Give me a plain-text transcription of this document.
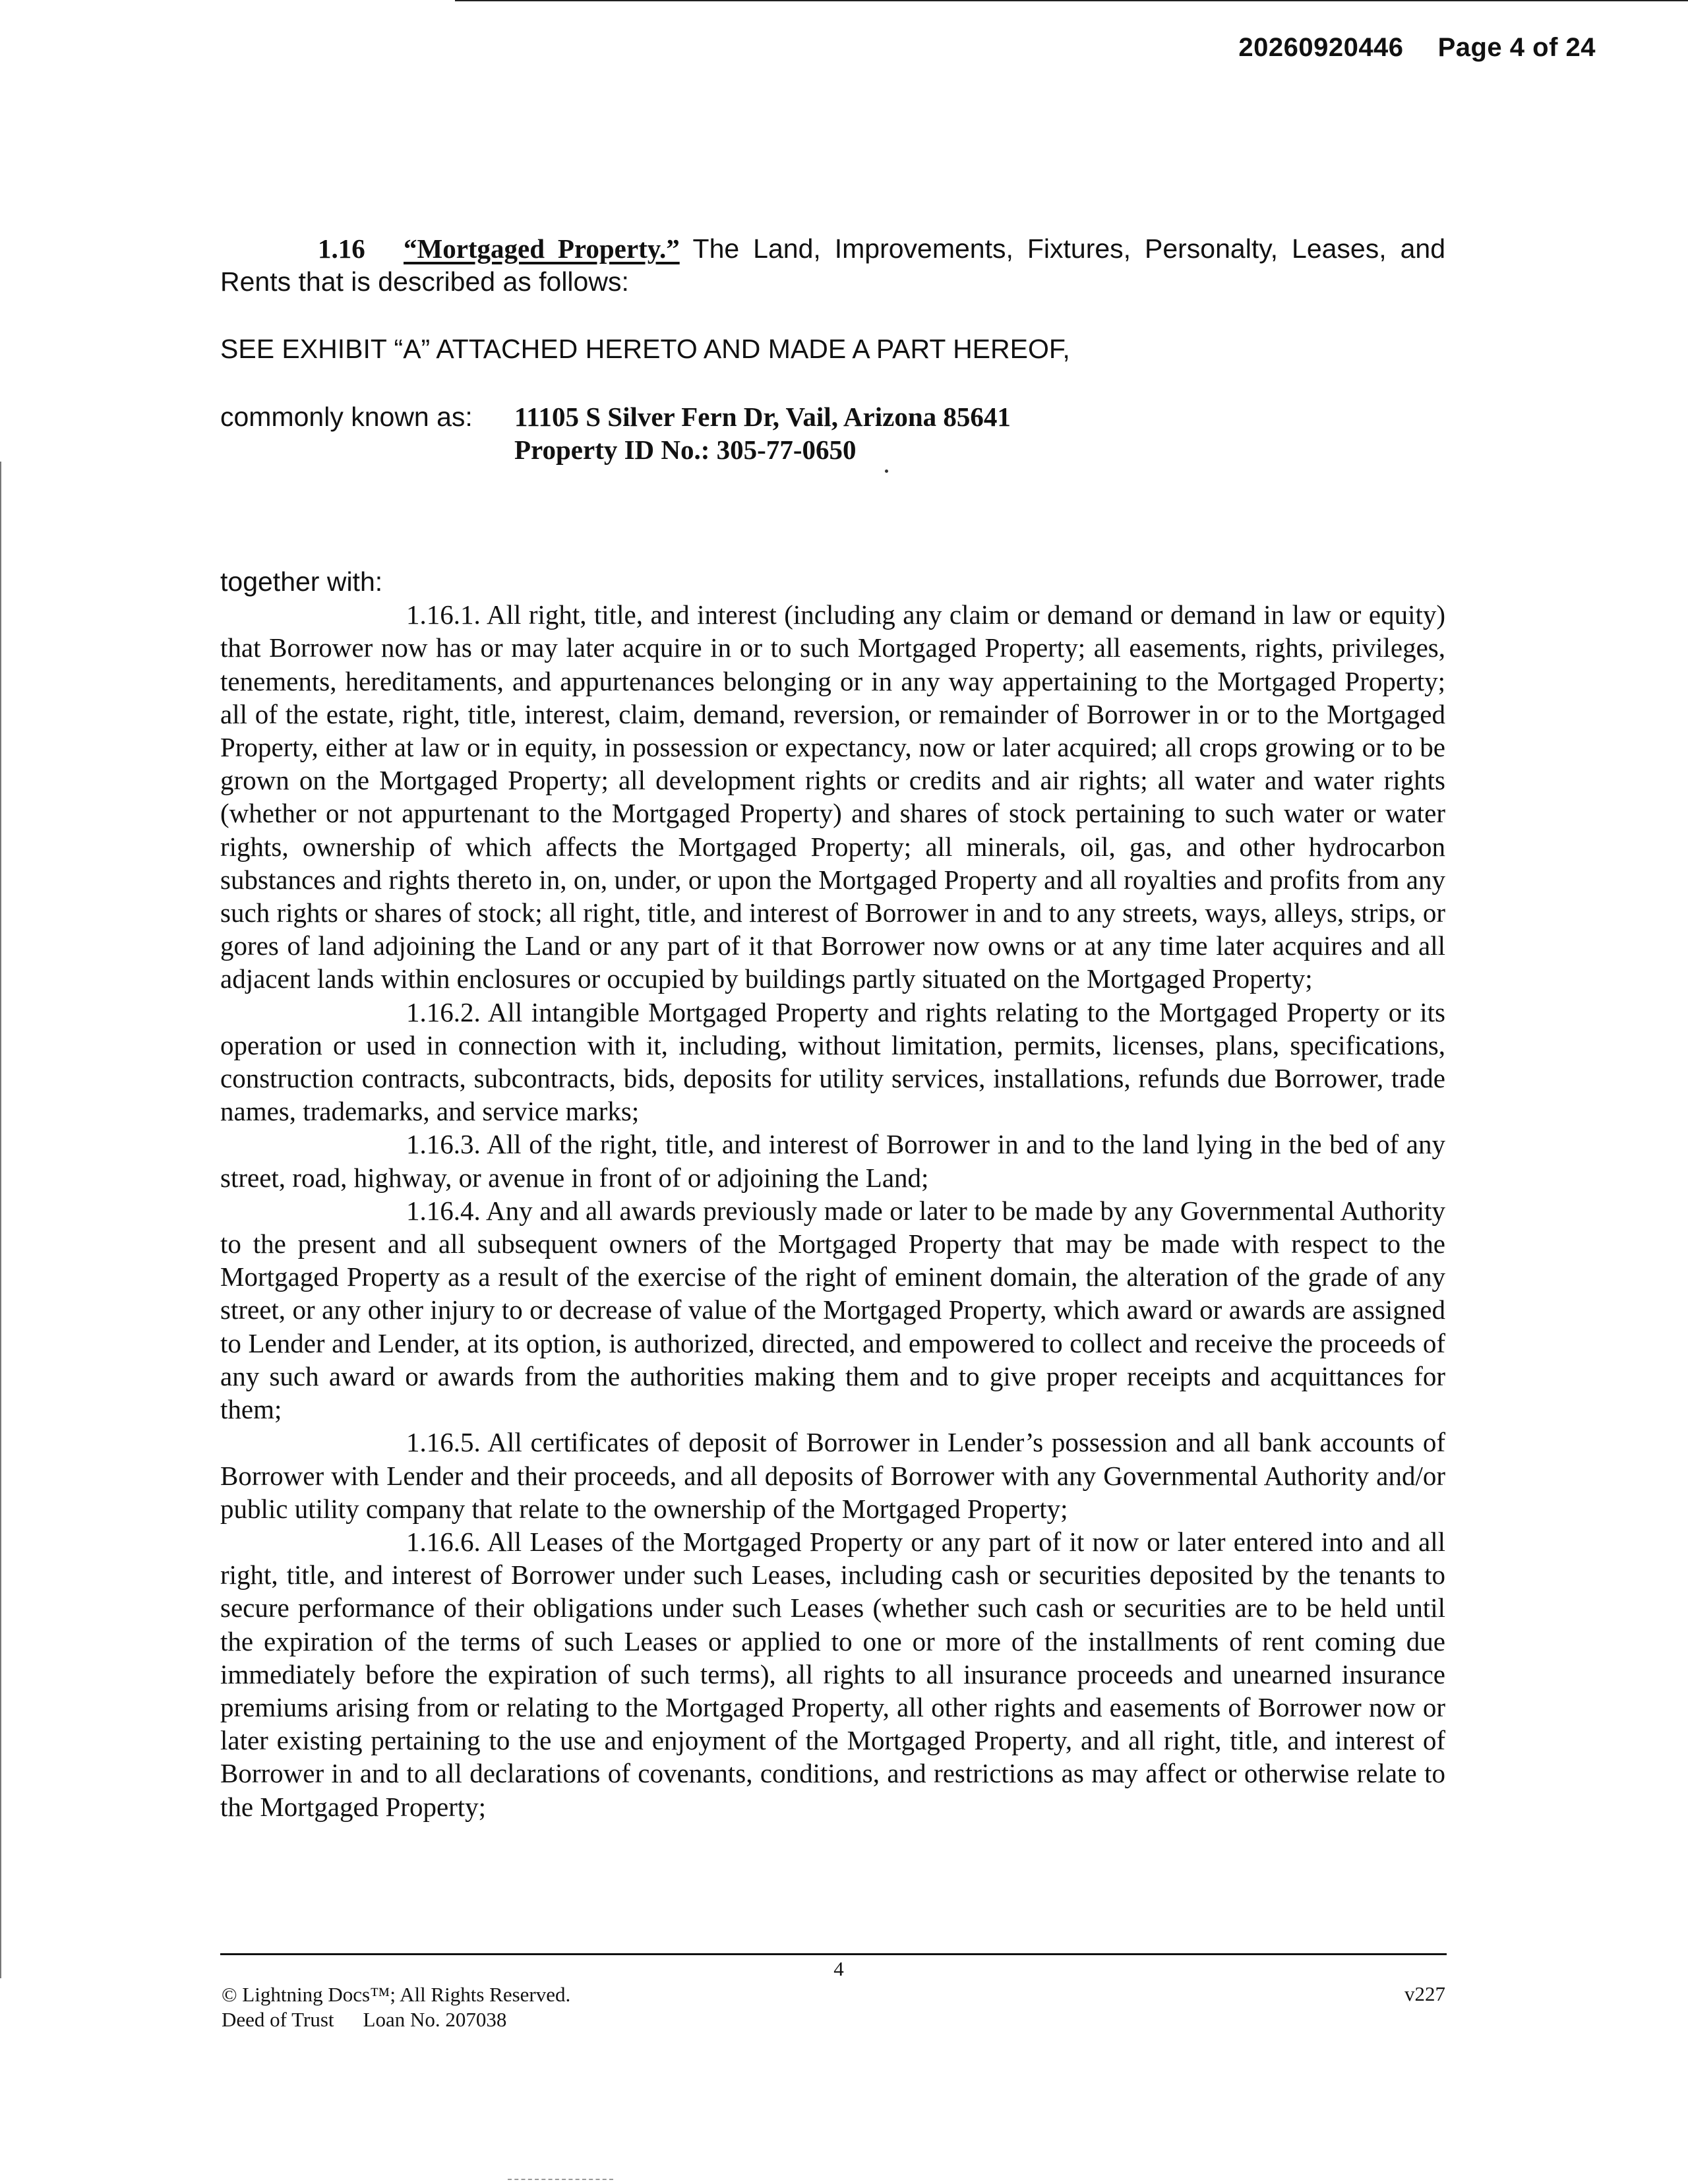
20260920446 Page 4 of 24

1.16 “Mortgaged Property.” The Land, Improvements, Fixtures, Personalty, Leases, and Rents that is described as follows:

SEE EXHIBIT “A” ATTACHED HERETO AND MADE A PART HEREOF,

commonly known as:	11105 S Silver Fern Dr, Vail, Arizona 85641
Property ID No.: 305-77-0650

together with:

1.16.1. All right, title, and interest (including any claim or demand or demand in law or equity) that Borrower now has or may later acquire in or to such Mortgaged Property; all easements, rights, privileges, tenements, hereditaments, and appurtenances belonging or in any way appertaining to the Mortgaged Property; all of the estate, right, title, interest, claim, demand, reversion, or remainder of Borrower in or to the Mortgaged Property, either at law or in equity, in possession or expectancy, now or later acquired; all crops growing or to be grown on the Mortgaged Property; all development rights or credits and air rights; all water and water rights (whether or not appurtenant to the Mortgaged Property) and shares of stock pertaining to such water or water rights, ownership of which affects the Mortgaged Property; all minerals, oil, gas, and other hydrocarbon substances and rights thereto in, on, under, or upon the Mortgaged Property and all royalties and profits from any such rights or shares of stock; all right, title, and interest of Borrower in and to any streets, ways, alleys, strips, or gores of land adjoining the Land or any part of it that Borrower now owns or at any time later acquires and all adjacent lands within enclosures or occupied by buildings partly situated on the Mortgaged Property;

1.16.2. All intangible Mortgaged Property and rights relating to the Mortgaged Property or its operation or used in connection with it, including, without limitation, permits, licenses, plans, specifications, construction contracts, subcontracts, bids, deposits for utility services, installations, refunds due Borrower, trade names, trademarks, and service marks;

1.16.3. All of the right, title, and interest of Borrower in and to the land lying in the bed of any street, road, highway, or avenue in front of or adjoining the Land;

1.16.4. Any and all awards previously made or later to be made by any Governmental Authority to the present and all subsequent owners of the Mortgaged Property that may be made with respect to the Mortgaged Property as a result of the exercise of the right of eminent domain, the alteration of the grade of any street, or any other injury to or decrease of value of the Mortgaged Property, which award or awards are assigned to Lender and Lender, at its option, is authorized, directed, and empowered to collect and receive the proceeds of any such award or awards from the authorities making them and to give proper receipts and acquittances for them;

1.16.5. All certificates of deposit of Borrower in Lender’s possession and all bank accounts of Borrower with Lender and their proceeds, and all deposits of Borrower with any Governmental Authority and/or public utility company that relate to the ownership of the Mortgaged Property;

1.16.6. All Leases of the Mortgaged Property or any part of it now or later entered into and all right, title, and interest of Borrower under such Leases, including cash or securities deposited by the tenants to secure performance of their obligations under such Leases (whether such cash or securities are to be held until the expiration of the terms of such Leases or applied to one or more of the installments of rent coming due immediately before the expiration of such terms), all rights to all insurance proceeds and unearned insurance premiums arising from or relating to the Mortgaged Property, all other rights and easements of Borrower now or later existing pertaining to the use and enjoyment of the Mortgaged Property, and all right, title, and interest of Borrower in and to all declarations of covenants, conditions, and restrictions as may affect or otherwise relate to the Mortgaged Property;

4
© Lightning Docs™; All Rights Reserved.
Deed of Trust Loan No. 207038
v227
